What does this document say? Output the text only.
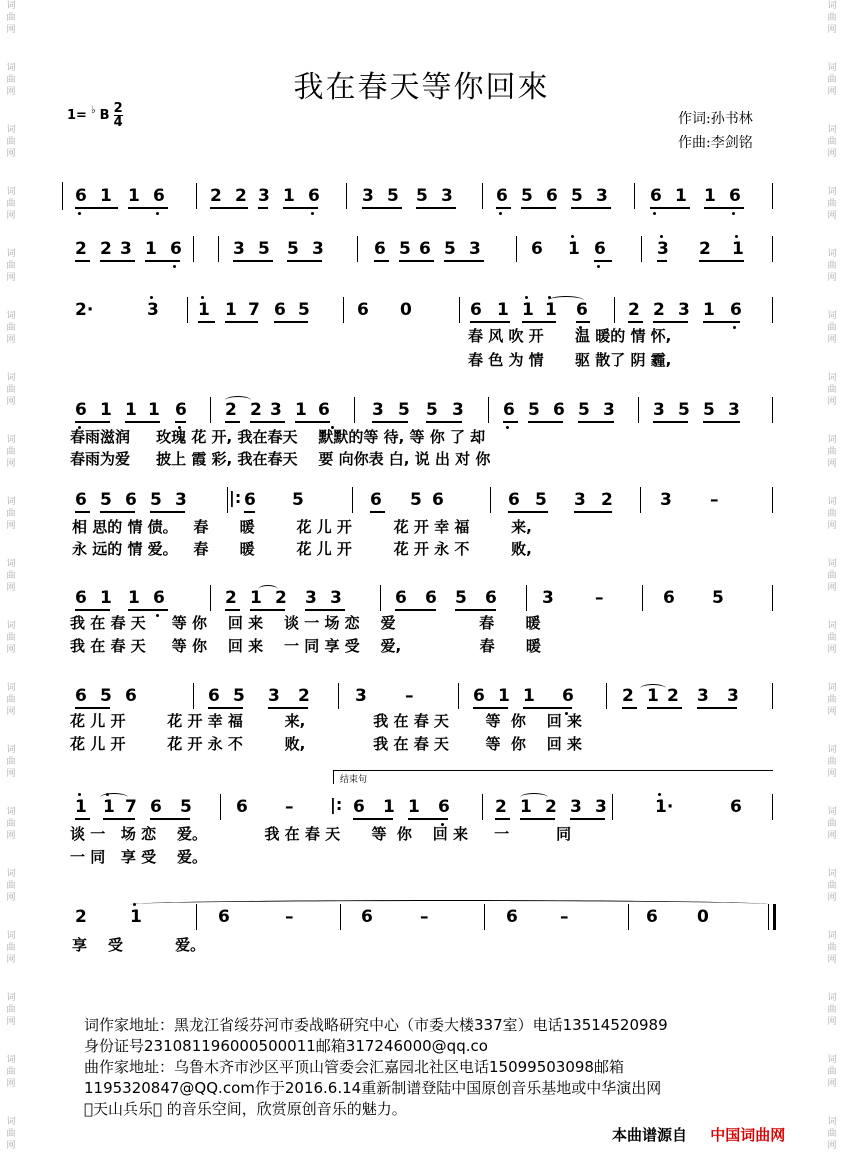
词
曲
网
词
曲
网
词
曲
网
词
曲
网
词
曲
网
词
曲
网
词
曲
网
词
曲
网
词
曲
网
词
曲
网
词
曲
网
词
曲
网
词
曲
网
词
曲
网
词
曲
网
词
曲
网
词
曲
网
词
曲
网
词
曲
网
词
曲
网
词
曲
网
词
曲
网
词
曲
网
词
曲
网
词
曲
网
词
曲
网
词
曲
网
词
曲
网
词
曲
网
词
曲
网
词
曲
网
词
曲
网
词
曲
网
词
曲
网
词
曲
网
词
曲
网
词
曲
网
词
曲
网
我在春天等你回來
1= ♭ B 2
4	作词:孙书林
作曲:李剑铭
6 1 1 6	2 2 3 1 6 3 5 5 3	6 5 6 5 3 6 1 1 6
2 2 3 1 6	3 5 5 3	6 5 6 5 3	6 1 6	3 2 1
2·	3 1 1 7 6 5	6 0	6 1 1 1 6 2 2 3 1 6
6 1 1 1 6 2 2 3 1 6 3 5 5 3 6 5 6 5 3 3 5 5 3
6 5 6 5 3	6 5	6 5 6	6 5 3 2	3 –
|:
6 1 1 6	2 1 2 3 3	6 6 5 6	3 –	6 5
6 5 6	6 5 3 2	3 –	6 1 1 6	2 1 2 3 3
1 1 7 6 5	6 –	6 1 1 6	2 1 2 3 3	1·	6
|:
2	1	6	–	6	–	6 –	6 0
春 风 吹 开      温 暖的 情 怀,
春 色 为 情      驱 散了 阴 霾,
春雨滋润     玫瑰 花 开, 我在春天    默默的等 待, 等 你 了 却
春雨为爱     披上 霞 彩, 我在春天    要 向你表 白, 说 出 对 你
相 思的 情 债。   春      暖        花 儿 开        花 开 幸 福        来,
永 远的 情 爱。   春      暖        花 儿 开        花 开 永 不        败,
我 在 春 天     等 你    回 来    谈 一 场 恋    爱                春      暖
我 在 春 天     等 你    回 来    一 同 享 受    爱,               春      暖
花 儿 开        花 开 幸 福        来,             我 在 春 天       等  你    回 来
花 儿 开        花 开 永 不        败,             我 在 春 天       等  你    回 来
谈 一   场 恋    爱。           我 在 春 天      等  你    回 来     一         同
一 同   享 受    爱。
享    受          爱。
结束句
词作家地址：黑龙江省绥芬河市委战略研究中心（市委大楼337室）电话13514520989
身份证号231081196000500011邮箱317246000@qq.co
曲作家地址：乌鲁木齐市沙区平顶山管委会汇嘉园北社区电话15099503098邮箱
1195320847@QQ.com作于2016.6.14重新制谱登陆中国原创音乐基地或中华演出网
 天山兵乐  的音乐空间，欣赏原创音乐的魅力。
本曲谱源自 中国词曲网
